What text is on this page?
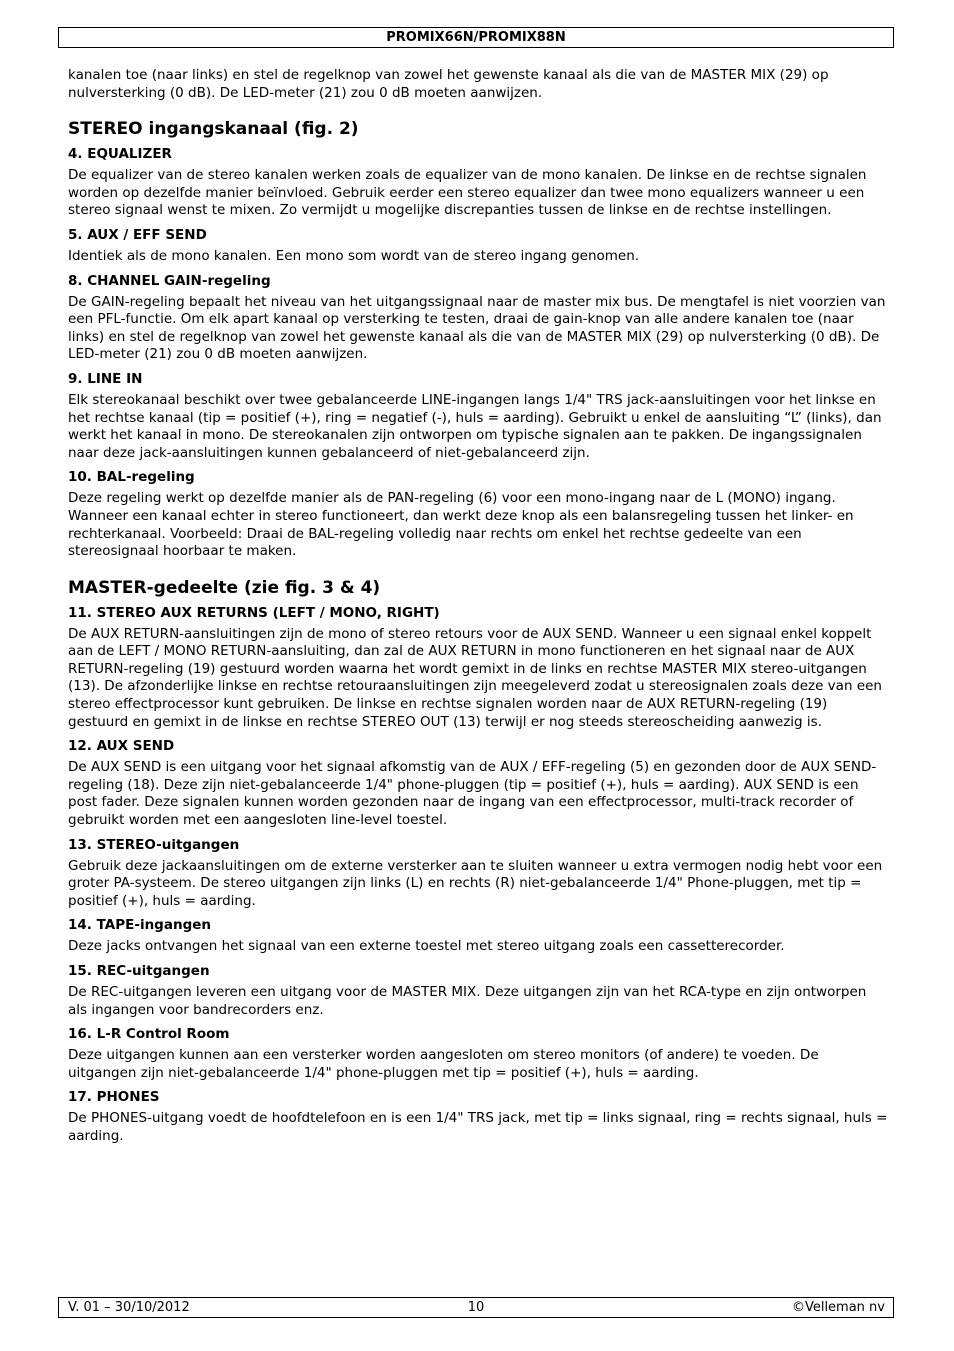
PROMIX66N/PROMIX88N

kanalen toe (naar links) en stel de regelknop van zowel het gewenste kanaal als die van de MASTER MIX (29) op nulversterking (0 dB). De LED-meter (21) zou 0 dB moeten aanwijzen.

STEREO ingangskanaal (fig. 2)
4. EQUALIZER

De equalizer van de stereo kanalen werken zoals de equalizer van de mono kanalen. De linkse en de rechtse signalen worden op dezelfde manier beïnvloed. Gebruik eerder een stereo equalizer dan twee mono equalizers wanneer u een stereo signaal wenst te mixen. Zo vermijdt u mogelijke discrepanties tussen de linkse en de rechtse instellingen.

5. AUX / EFF SEND

Identiek als de mono kanalen. Een mono som wordt van de stereo ingang genomen.

8. CHANNEL GAIN-regeling

De GAIN-regeling bepaalt het niveau van het uitgangssignaal naar de master mix bus. De mengtafel is niet voorzien van een PFL-functie. Om elk apart kanaal op versterking te testen, draai de gain-knop van alle andere kanalen toe (naar links) en stel de regelknop van zowel het gewenste kanaal als die van de MASTER MIX (29) op nulversterking (0 dB). De LED-meter (21) zou 0 dB moeten aanwijzen.

9. LINE IN

Elk stereokanaal beschikt over twee gebalanceerde LINE-ingangen langs 1/4" TRS jack-aansluitingen voor het linkse en het rechtse kanaal (tip = positief (+), ring = negatief (-), huls = aarding). Gebruikt u enkel de aansluiting “L” (links), dan werkt het kanaal in mono. De stereokanalen zijn ontworpen om typische signalen aan te pakken. De ingangssignalen naar deze jack-aansluitingen kunnen gebalanceerd of niet-gebalanceerd zijn.

10. BAL-regeling

Deze regeling werkt op dezelfde manier als de PAN-regeling (6) voor een mono-ingang naar de L (MONO) ingang. Wanneer een kanaal echter in stereo functioneert, dan werkt deze knop als een balansregeling tussen het linker- en rechterkanaal. Voorbeeld: Draai de BAL-regeling volledig naar rechts om enkel het rechtse gedeelte van een stereosignaal hoorbaar te maken.

MASTER-gedeelte (zie fig. 3 & 4)
11. STEREO AUX RETURNS (LEFT / MONO, RIGHT)

De AUX RETURN-aansluitingen zijn de mono of stereo retours voor de AUX SEND. Wanneer u een signaal enkel koppelt aan de LEFT / MONO RETURN-aansluiting, dan zal de AUX RETURN in mono functioneren en het signaal naar de AUX RETURN-regeling (19) gestuurd worden waarna het wordt gemixt in de links en rechtse MASTER MIX stereo-uitgangen (13). De afzonderlijke linkse en rechtse retouraansluitingen zijn meegeleverd zodat u stereosignalen zoals deze van een stereo effectprocessor kunt gebruiken. De linkse en rechtse signalen worden naar de AUX RETURN-regeling (19) gestuurd en gemixt in de linkse en rechtse STEREO OUT (13) terwijl er nog steeds stereoscheiding aanwezig is.

12. AUX SEND

De AUX SEND is een uitgang voor het signaal afkomstig van de AUX / EFF-regeling (5) en gezonden door de AUX SEND-regeling (18). Deze zijn niet-gebalanceerde 1/4" phone-pluggen (tip = positief (+), huls = aarding). AUX SEND is een post fader. Deze signalen kunnen worden gezonden naar de ingang van een effectprocessor, multi-track recorder of gebruikt worden met een aangesloten line-level toestel.

13. STEREO-uitgangen

Gebruik deze jackaansluitingen om de externe versterker aan te sluiten wanneer u extra vermogen nodig hebt voor een groter PA-systeem. De stereo uitgangen zijn links (L) en rechts (R) niet-gebalanceerde 1/4" Phone-pluggen, met tip = positief (+), huls = aarding.

14. TAPE-ingangen

Deze jacks ontvangen het signaal van een externe toestel met stereo uitgang zoals een cassetterecorder.

15. REC-uitgangen

De REC-uitgangen leveren een uitgang voor de MASTER MIX. Deze uitgangen zijn van het RCA-type en zijn ontworpen als ingangen voor bandrecorders enz.

16. L-R Control Room

Deze uitgangen kunnen aan een versterker worden aangesloten om stereo monitors (of andere) te voeden. De uitgangen zijn niet-gebalanceerde 1/4" phone-pluggen met tip = positief (+), huls = aarding.

17. PHONES

De PHONES-uitgang voedt de hoofdtelefoon en is een 1/4" TRS jack, met tip = links signaal, ring = rechts signaal, huls = aarding.

V. 01 – 30/10/2012	10	©Velleman nv
